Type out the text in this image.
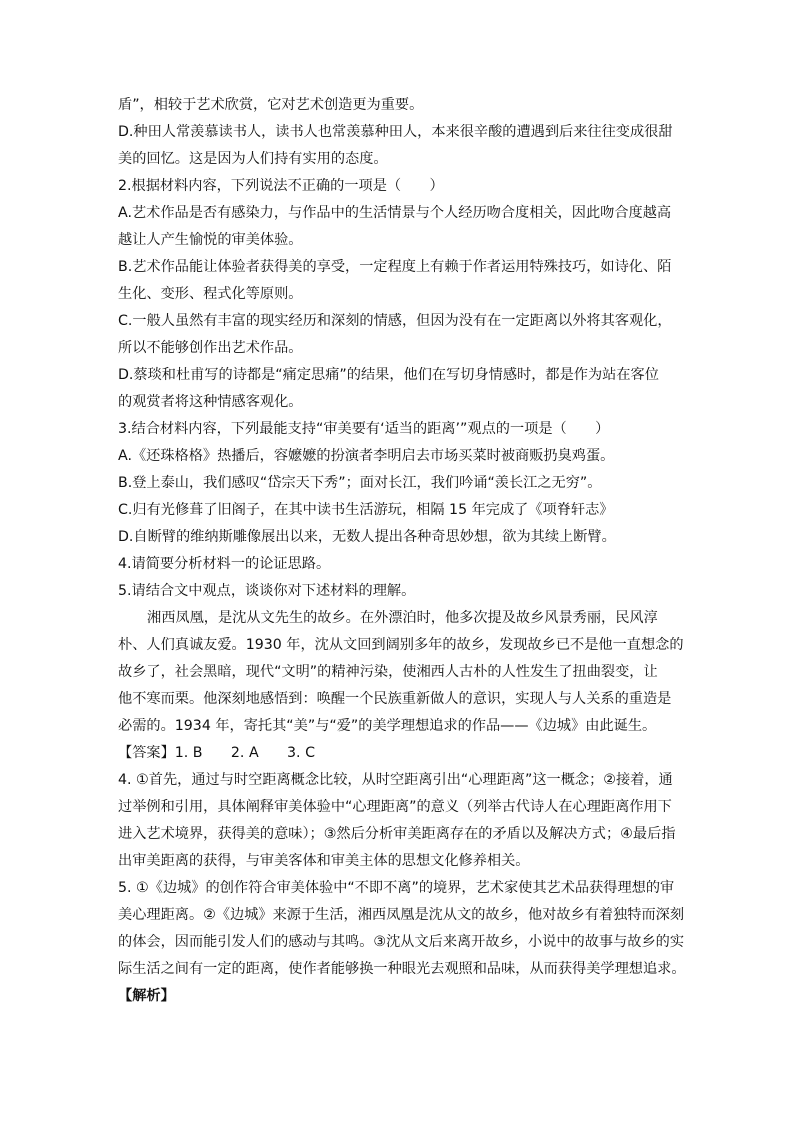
盾”，相较于艺术欣赏，它对艺术创造更为重要。

D.种田人常羡慕读书人，读书人也常羡慕种田人，本来很辛酸的遭遇到后来往往变成很甜

美的回忆。这是因为人们持有实用的态度。

2.根据材料内容，下列说法不正确的一项是（　　）

A.艺术作品是否有感染力，与作品中的生活情景与个人经历吻合度相关，因此吻合度越高

越让人产生愉悦的审美体验。

B.艺术作品能让体验者获得美的享受，一定程度上有赖于作者运用特殊技巧，如诗化、陌

生化、变形、程式化等原则。

C.一般人虽然有丰富的现实经历和深刻的情感，但因为没有在一定距离以外将其客观化，

所以不能够创作出艺术作品。

D.蔡琰和杜甫写的诗都是“痛定思痛”的结果，他们在写切身情感时，都是作为站在客位

的观赏者将这种情感客观化。

3.结合材料内容，下列最能支持“审美要有‘适当的距离’”观点的一项是（　　）

A.《还珠格格》热播后，容嬷嬷的扮演者李明启去市场买菜时被商贩扔臭鸡蛋。

B.登上泰山，我们感叹“岱宗天下秀”；面对长江，我们吟诵“羡长江之无穷”。

C.归有光修葺了旧阁子，在其中读书生活游玩，相隔 15 年完成了《项脊轩志》

D.自断臂的维纳斯雕像展出以来，无数人提出各种奇思妙想，欲为其续上断臂。

4.请简要分析材料一的论证思路。

5.请结合文中观点，谈谈你对下述材料的理解。

湘西凤凰，是沈从文先生的故乡。在外漂泊时，他多次提及故乡风景秀丽，民风淳

朴、人们真诚友爱。1930 年，沈从文回到阔别多年的故乡，发现故乡已不是他一直想念的

故乡了，社会黑暗，现代“文明”的精神污染，使湘西人古朴的人性发生了扭曲裂变，让

他不寒而栗。他深刻地感悟到：唤醒一个民族重新做人的意识，实现人与人关系的重造是

必需的。1934 年，寄托其“美”与“爱”的美学理想追求的作品——《边城》由此诞生。

【答案】1. B　　2. A　　3. C

4. ①首先，通过与时空距离概念比较，从时空距离引出“心理距离”这一概念；②接着，通

过举例和引用，具体阐释审美体验中“心理距离”的意义（列举古代诗人在心理距离作用下

进入艺术境界，获得美的意味）；③然后分析审美距离存在的矛盾以及解决方式；④最后指

出审美距离的获得，与审美客体和审美主体的思想文化修养相关。

5. ①《边城》的创作符合审美体验中“不即不离”的境界，艺术家使其艺术品获得理想的审

美心理距离。②《边城》来源于生活，湘西凤凰是沈从文的故乡，他对故乡有着独特而深刻

的体会，因而能引发人们的感动与其鸣。③沈从文后来离开故乡，小说中的故事与故乡的实

际生活之间有一定的距离，使作者能够换一种眼光去观照和品味，从而获得美学理想追求。

【解析】
